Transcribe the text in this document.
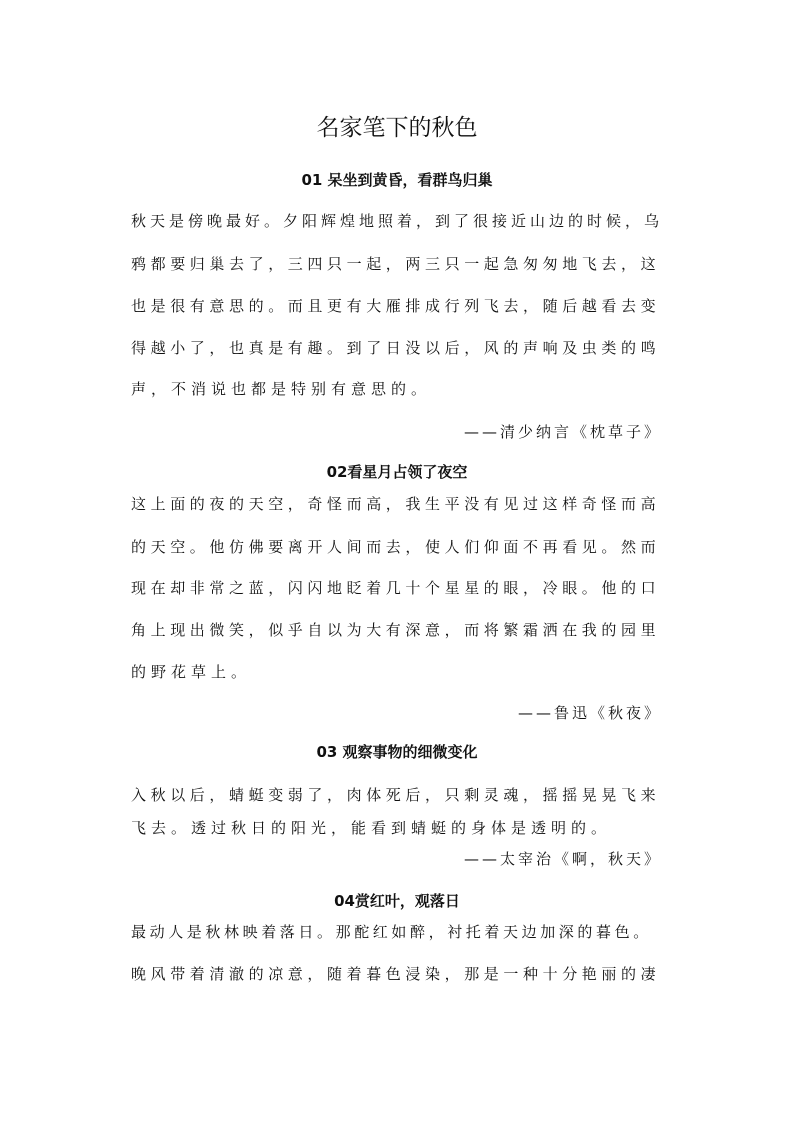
名家笔下的秋色
01 呆坐到黄昏，看群鸟归巢

秋天是傍晚最好。夕阳辉煌地照着，到了很接近山边的时候，乌

鸦都要归巢去了，三四只一起，两三只一起急匆匆地飞去，这

也是很有意思的。而且更有大雁排成行列飞去，随后越看去变

得越小了，也真是有趣。到了日没以后，风的声响及虫类的鸣

声，不消说也都是特别有意思的。

——清少纳言《枕草子》

02看星月占领了夜空

这上面的夜的天空，奇怪而高，我生平没有见过这样奇怪而高

的天空。他仿佛要离开人间而去，使人们仰面不再看见。然而

现在却非常之蓝，闪闪地眨着几十个星星的眼，冷眼。他的口

角上现出微笑，似乎自以为大有深意，而将繁霜洒在我的园里

的野花草上。

——鲁迅《秋夜》

03 观察事物的细微变化

入秋以后，蜻蜓变弱了，肉体死后，只剩灵魂，摇摇晃晃飞来

飞去。透过秋日的阳光，能看到蜻蜓的身体是透明的。

——太宰治《啊，秋天》

04赏红叶，观落日

最动人是秋林映着落日。那酡红如醉，衬托着天边加深的暮色。

晚风带着清澈的凉意，随着暮色浸染，那是一种十分艳丽的凄
